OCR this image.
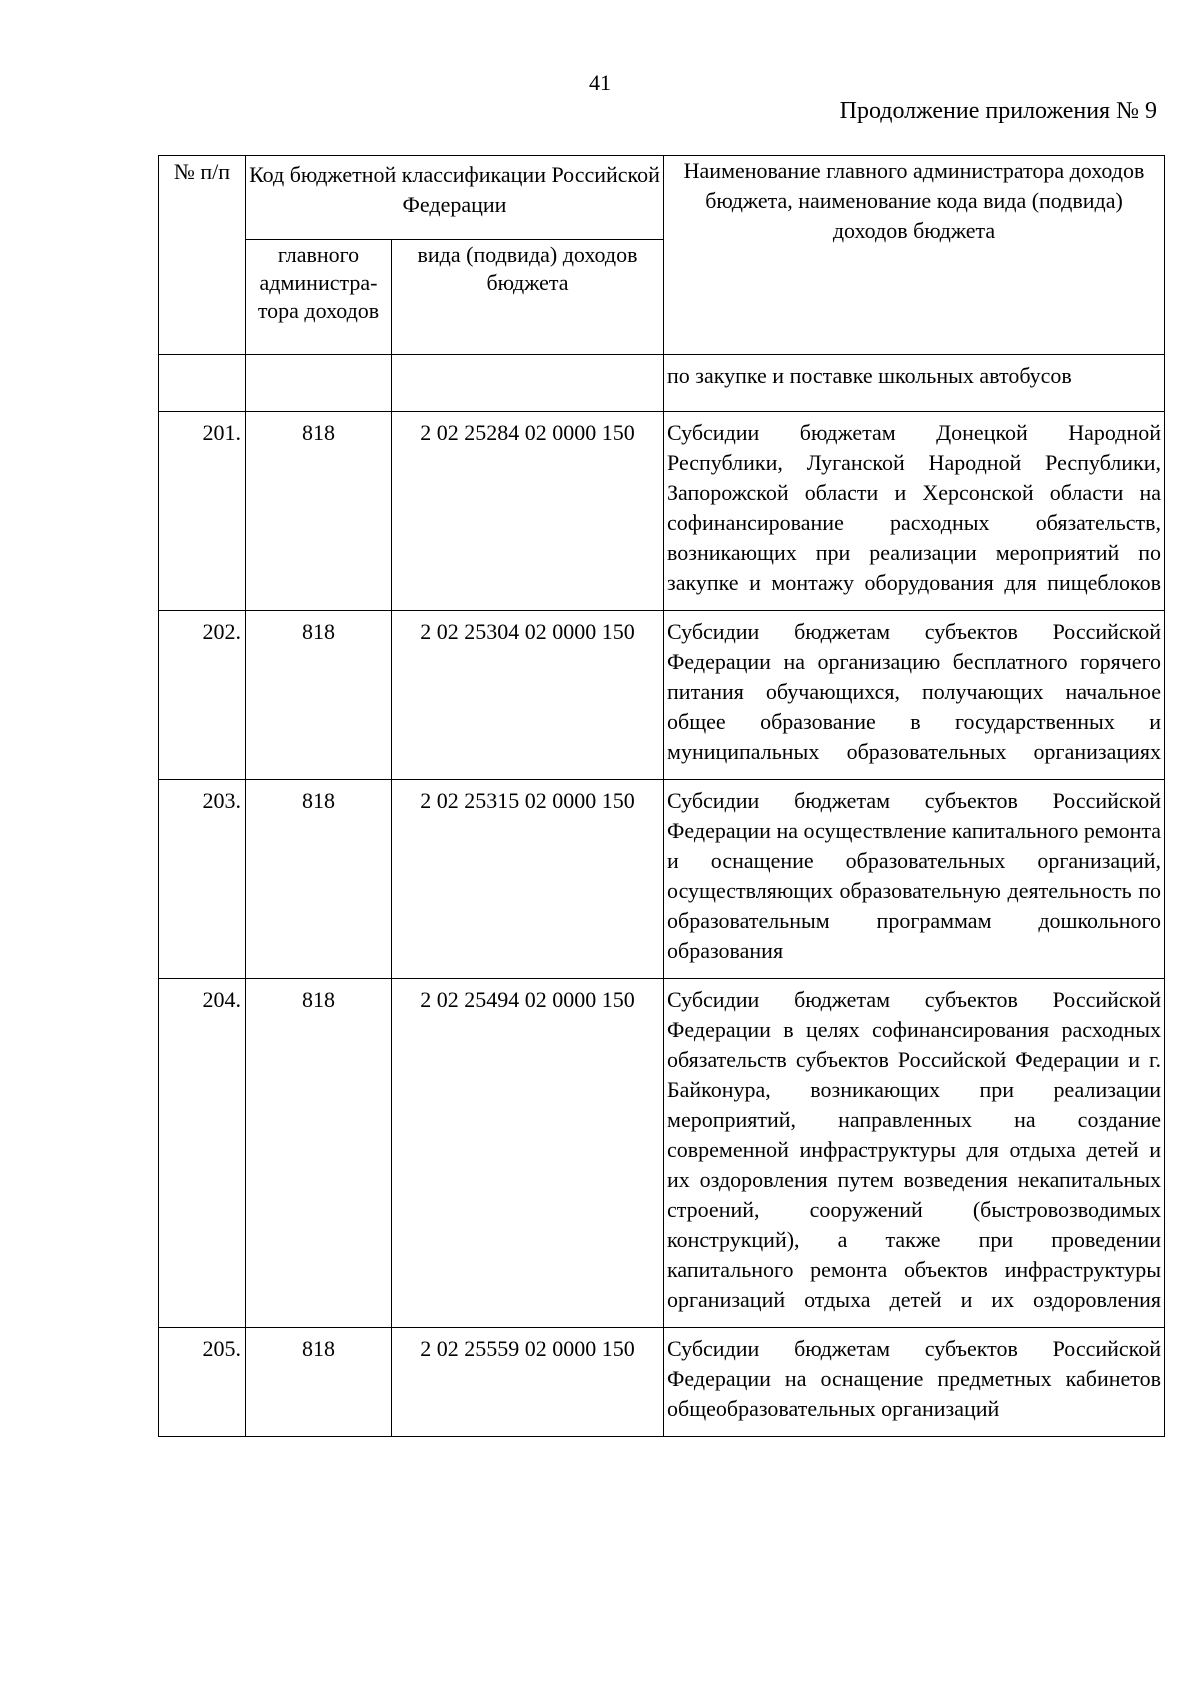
41
Продолжение приложения № 9
№ п/п	Код бюджетной классификации Российской Федерации		Наименование главного администратора доходов бюджета, наименование кода вида (подвида) доходов бюджета
	главного администра-тора доходов	вида (подвида) доходов бюджета	
			по закупке и поставке школьных автобусов
201.	818	2 02 25284 02 0000 150	Субсидии бюджетам Донецкой Народной Республики, Луганской Народной Республики, Запорожской области и Херсонской области на софинансирование расходных обязательств, возникающих при реализации мероприятий по закупке и монтажу оборудования для пищеблоков
202.	818	2 02 25304 02 0000 150	Субсидии бюджетам субъектов Российской Федерации на организацию бесплатного горячего питания обучающихся, получающих начальное общее образование в государственных и муниципальных образовательных организациях
203.	818	2 02 25315 02 0000 150	Субсидии бюджетам субъектов Российской Федерации на осуществление капитального ремонта и оснащение образовательных организаций, осуществляющих образовательную деятельность по образовательным программам дошкольного образования
204.	818	2 02 25494 02 0000 150	Субсидии бюджетам субъектов Российской Федерации в целях софинансирования расходных обязательств субъектов Российской Федерации и г. Байконура, возникающих при реализации мероприятий, направленных на создание современной инфраструктуры для отдыха детей и их оздоровления путем возведения некапитальных строений, сооружений (быстровозводимых конструкций), а также при проведении капитального ремонта объектов инфраструктуры организаций отдыха детей и их оздоровления
205.	818	2 02 25559 02 0000 150	Субсидии бюджетам субъектов Российской Федерации на оснащение предметных кабинетов общеобразовательных организаций
